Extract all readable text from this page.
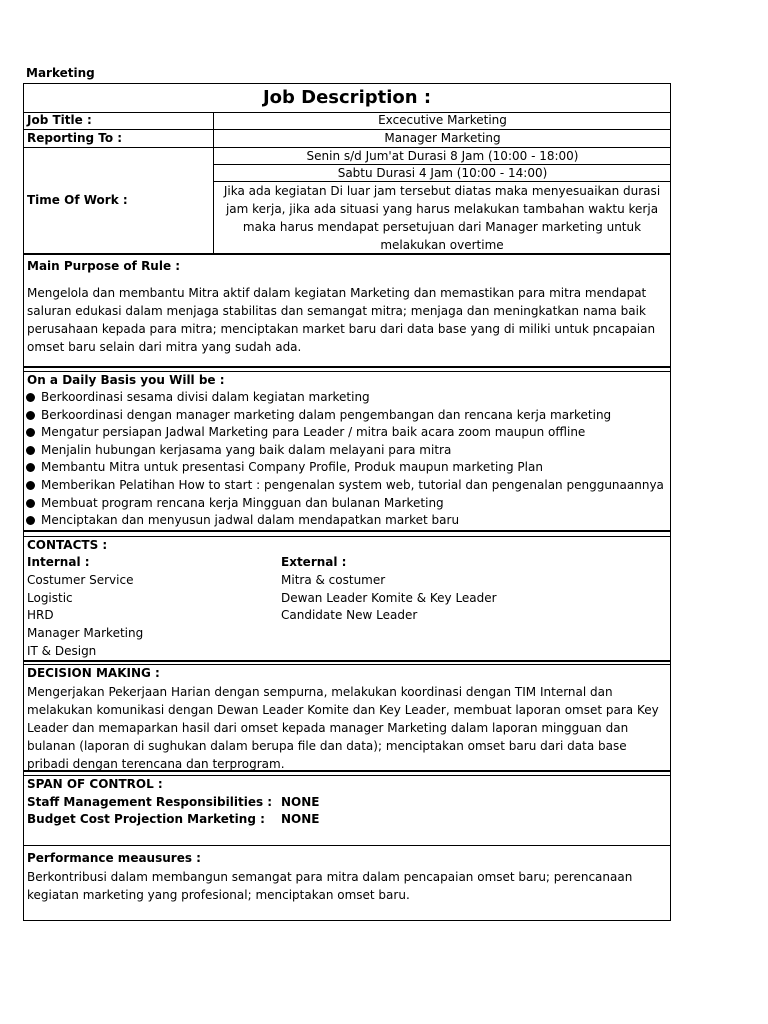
Marketing
Job Description :
Job Title :	Excecutive Marketing
Reporting To :	Manager Marketing
Time Of Work :
Senin s/d Jum'at Durasi 8 Jam (10:00 - 18:00)
Sabtu Durasi 4 Jam (10:00 - 14:00)
Jika ada kegiatan Di luar jam tersebut diatas maka menyesuaikan durasi jam kerja, jika ada situasi yang harus melakukan tambahan waktu kerja maka harus mendapat persetujuan dari Manager marketing untuk melakukan overtime
Main Purpose of Rule :
Mengelola dan membantu Mitra aktif dalam kegiatan Marketing dan memastikan para mitra mendapat saluran edukasi dalam menjaga stabilitas dan semangat mitra; menjaga dan meningkatkan nama baik perusahaan kepada para mitra; menciptakan market baru dari data base yang di miliki untuk pncapaian omset baru selain dari mitra yang sudah ada.
On a Daily Basis you Will be :
Berkoordinasi sesama divisi dalam kegiatan marketing
Berkoordinasi dengan manager marketing dalam pengembangan dan rencana kerja marketing
Mengatur persiapan Jadwal Marketing para Leader / mitra baik acara zoom maupun offline
Menjalin hubungan kerjasama yang baik dalam melayani para mitra
Membantu Mitra untuk presentasi Company Profile, Produk maupun marketing Plan
Memberikan Pelatihan How to start : pengenalan system web, tutorial dan pengenalan penggunaannya
Membuat program rencana kerja Mingguan dan bulanan Marketing
Menciptakan dan menyusun jadwal dalam mendapatkan market baru
CONTACTS :
Internal :
Costumer Service
Logistic
HRD
Manager Marketing
IT & Design
External :
Mitra & costumer
Dewan Leader Komite & Key Leader
Candidate New Leader
DECISION MAKING :
Mengerjakan Pekerjaan Harian dengan sempurna, melakukan koordinasi dengan TIM Internal dan melakukan komunikasi dengan Dewan Leader Komite dan Key Leader, membuat laporan omset para Key Leader dan memaparkan hasil dari omset kepada manager Marketing dalam laporan mingguan dan bulanan (laporan di sughukan dalam berupa file dan data); menciptakan omset baru dari data base pribadi dengan terencana dan terprogram.
SPAN OF CONTROL :
Staff Management Responsibilities : NONE
Budget Cost Projection Marketing : NONE
Performance meausures :
Berkontribusi dalam membangun semangat para mitra dalam pencapaian omset baru; perencanaan kegiatan marketing yang profesional; menciptakan omset baru.
